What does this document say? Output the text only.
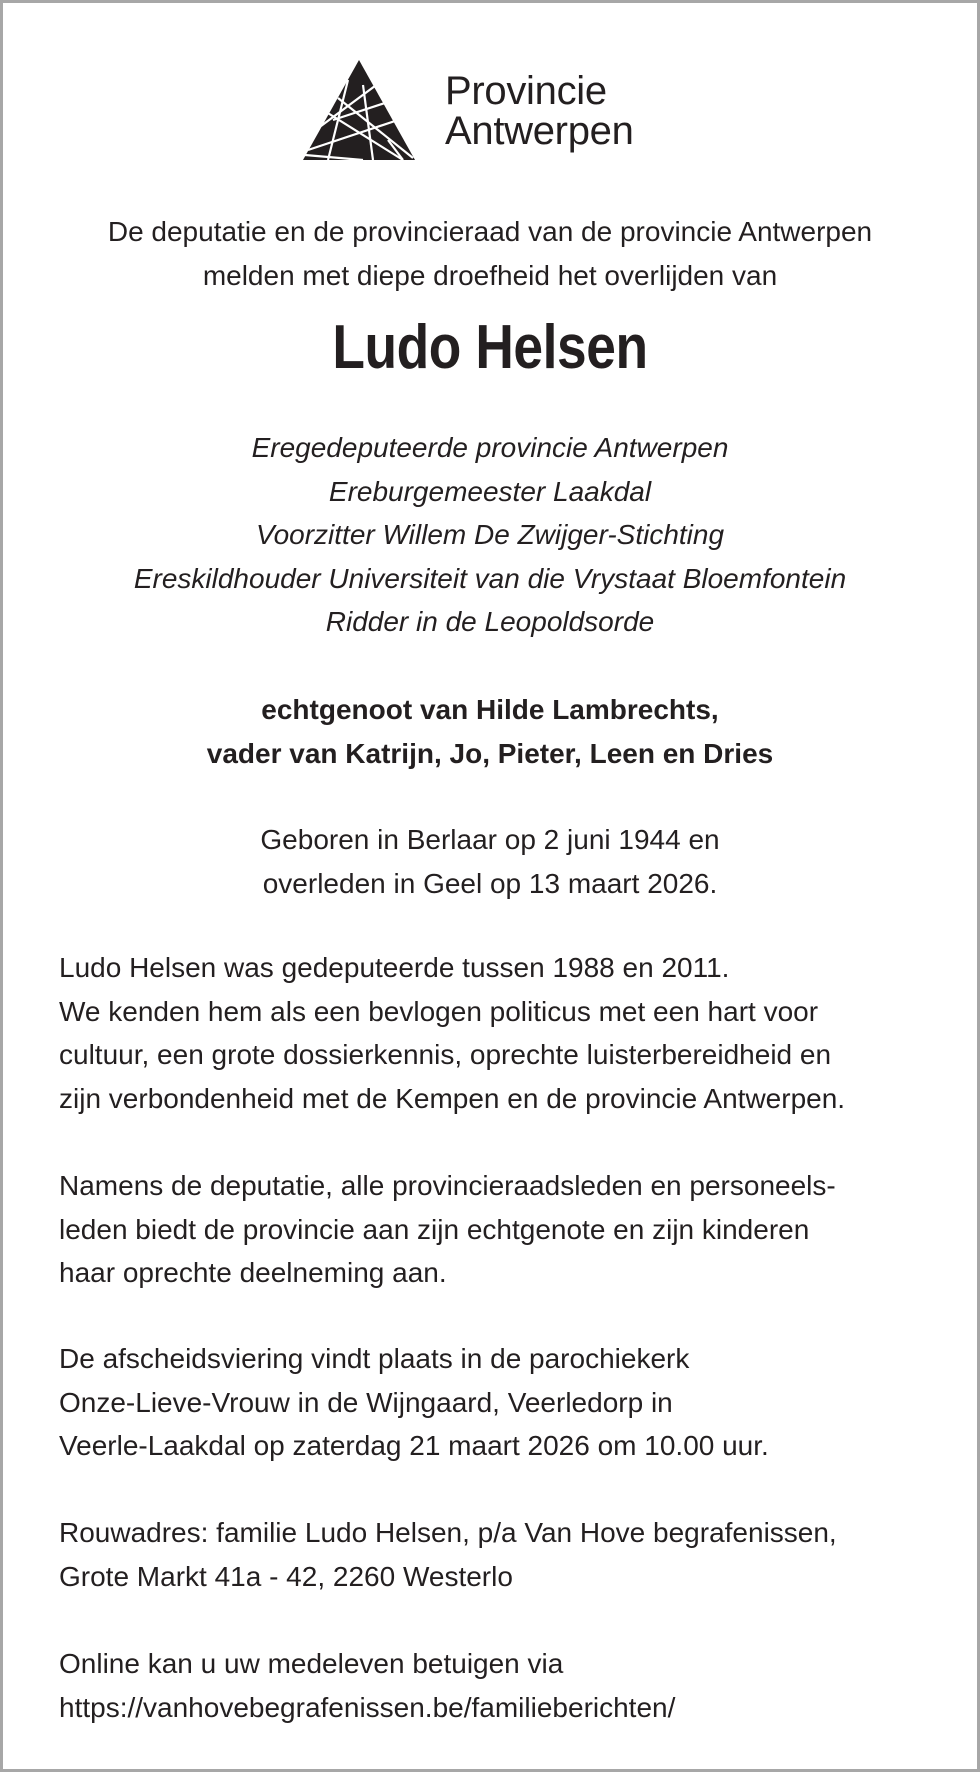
Provincie
Antwerpen
De deputatie en de provincieraad van de provincie Antwerpen
melden met diepe droefheid het overlijden van
Ludo Helsen
Eregedeputeerde provincie Antwerpen
Ereburgemeester Laakdal
Voorzitter Willem De Zwijger-Stichting
Ereskildhouder Universiteit van die Vrystaat Bloemfontein
Ridder in de Leopoldsorde
echtgenoot van Hilde Lambrechts,
vader van Katrijn, Jo, Pieter, Leen en Dries
Geboren in Berlaar op 2 juni 1944 en
overleden in Geel op 13 maart 2026.
Ludo Helsen was gedeputeerde tussen 1988 en 2011.
We kenden hem als een bevlogen politicus met een hart voor
cultuur, een grote dossierkennis, oprechte luisterbereidheid en
zijn verbondenheid met de Kempen en de provincie Antwerpen.
Namens de deputatie, alle provincieraadsleden en personeels-
leden biedt de provincie aan zijn echtgenote en zijn kinderen
haar oprechte deelneming aan.
De afscheidsviering vindt plaats in de parochiekerk
Onze-Lieve-Vrouw in de Wijngaard, Veerledorp in
Veerle-Laakdal op zaterdag 21 maart 2026 om 10.00 uur.
Rouwadres: familie Ludo Helsen, p/a Van Hove begrafenissen,
Grote Markt 41a - 42, 2260 Westerlo
Online kan u uw medeleven betuigen via
https://vanhovebegrafenissen.be/familieberichten/
